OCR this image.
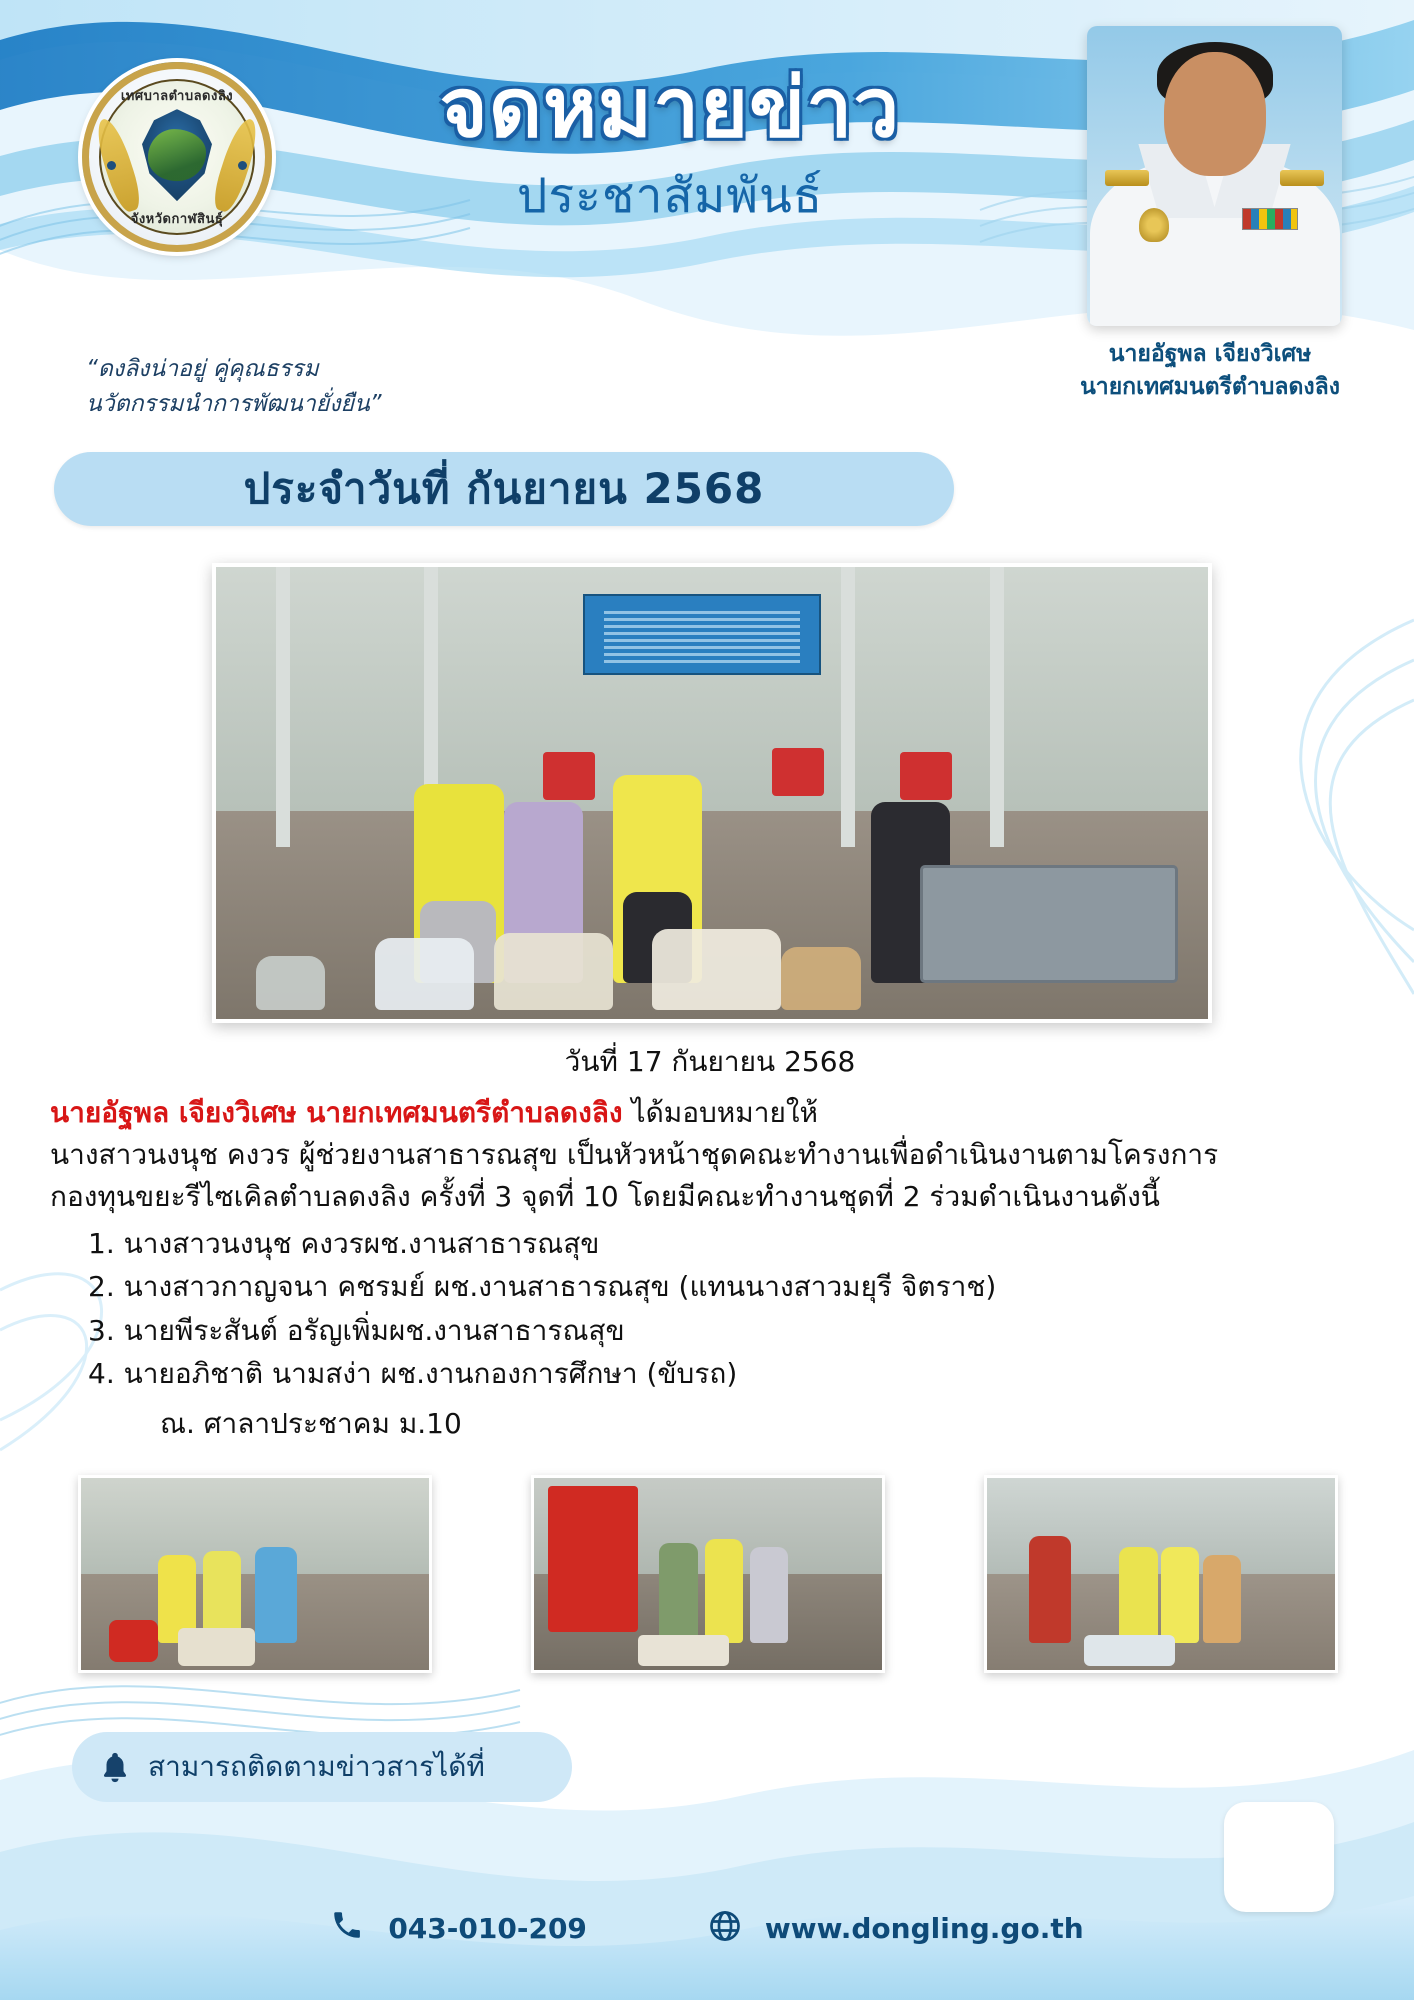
เทศบาลตำบลดงลิง
จังหวัดกาฬสินธุ์
จดหมายข่าว
ประชาสัมพันธ์
นายอัฐพล เจียงวิเศษ
นายกเทศมนตรีตำบลดงลิง
“ดงลิงน่าอยู่ คู่คุณธรรม
นวัตกรรมนำการพัฒนายั่งยืน”
ประจำวันที่ กันยายน 2568
วันที่ 17 กันยายน 2568
นายอัฐพล เจียงวิเศษ นายกเทศมนตรีตำบลดงลิง ได้มอบหมายให้
นางสาวนงนุช คงวร ผู้ช่วยงานสาธารณสุข เป็นหัวหน้าชุดคณะทำงานเพื่อดำเนินงานตามโครงการ
กองทุนขยะรีไซเคิลตำบลดงลิง ครั้งที่ 3 จุดที่ 10 โดยมีคณะทำงานชุดที่ 2 ร่วมดำเนินงานดังนี้
1. นางสาวนงนุช คงวรผช.งานสาธารณสุข
2. นางสาวกาญจนา คชรมย์ ผช.งานสาธารณสุข (แทนนางสาวมยุรี จิตราช)
3. นายพีระสันต์ อรัญเพิ่มผช.งานสาธารณสุข
4. นายอภิชาติ นามสง่า ผช.งานกองการศึกษา (ขับรถ)
ณ. ศาลาประชาคม ม.10
สามารถติดตามข่าวสารได้ที่
043-010-209	www.dongling.go.th
